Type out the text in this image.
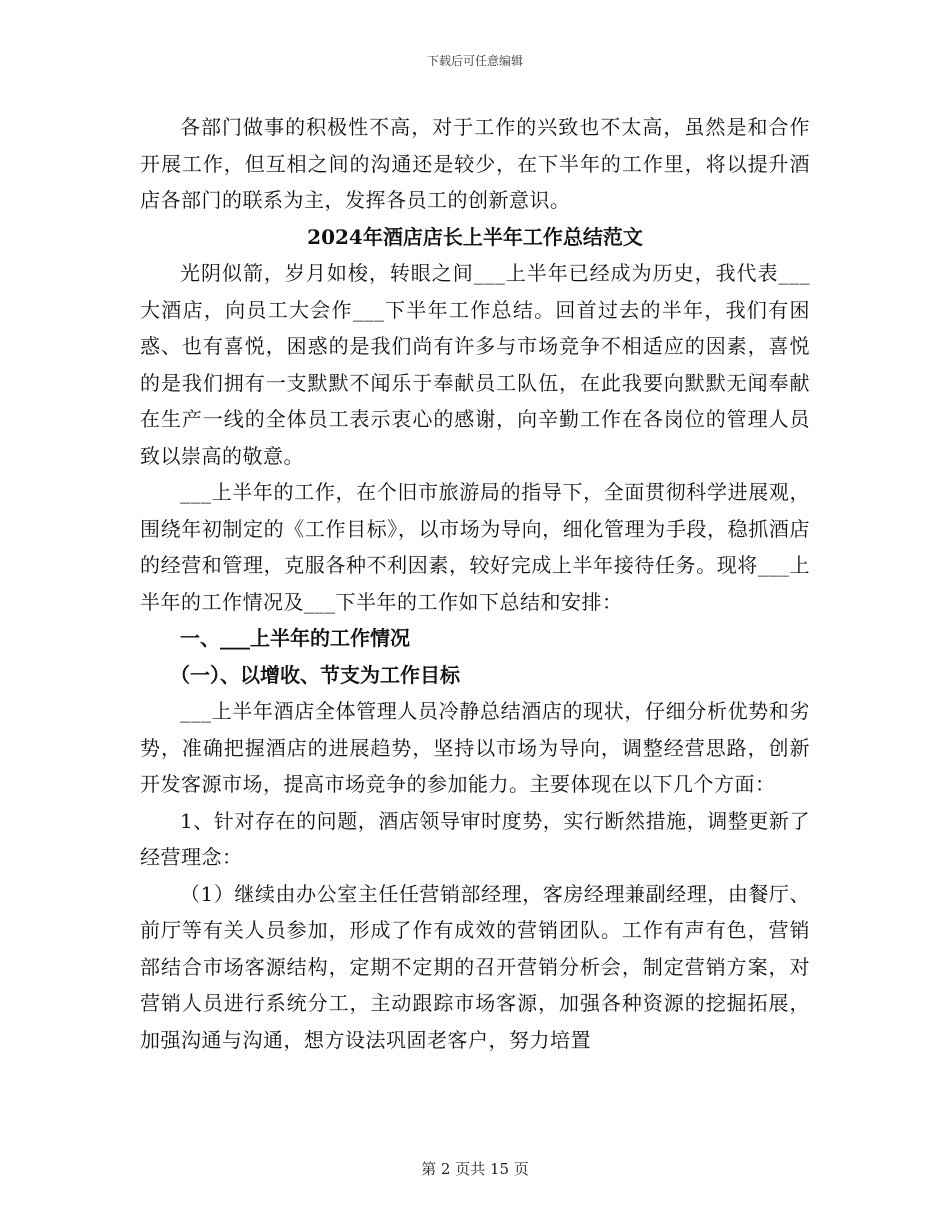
下载后可任意编辑

各部门做事的积极性不高，对于工作的兴致也不太高，虽然是和合作开展工作，但互相之间的沟通还是较少，在下半年的工作里，将以提升酒店各部门的联系为主，发挥各员工的创新意识。

2024年酒店店长上半年工作总结范文

光阴似箭，岁月如梭，转眼之间___上半年已经成为历史，我代表___大酒店，向员工大会作___下半年工作总结。回首过去的半年，我们有困惑、也有喜悦，困惑的是我们尚有许多与市场竞争不相适应的因素，喜悦的是我们拥有一支默默不闻乐于奉献员工队伍，在此我要向默默无闻奉献在生产一线的全体员工表示衷心的感谢，向辛勤工作在各岗位的管理人员致以崇高的敬意。

___上半年的工作，在个旧市旅游局的指导下，全面贯彻科学进展观，围绕年初制定的《工作目标》，以市场为导向，细化管理为手段，稳抓酒店的经营和管理，克服各种不利因素，较好完成上半年接待任务。现将___上半年的工作情况及___下半年的工作如下总结和安排：

一、___上半年的工作情况

（一）、以增收、节支为工作目标

___上半年酒店全体管理人员冷静总结酒店的现状，仔细分析优势和劣势，准确把握酒店的进展趋势，坚持以市场为导向，调整经营思路，创新开发客源市场，提高市场竞争的参加能力。主要体现在以下几个方面：

1、针对存在的问题，酒店领导审时度势，实行断然措施，调整更新了经营理念：

（1）继续由办公室主任任营销部经理，客房经理兼副经理，由餐厅、前厅等有关人员参加，形成了作有成效的营销团队。工作有声有色，营销部结合市场客源结构，定期不定期的召开营销分析会，制定营销方案，对营销人员进行系统分工，主动跟踪市场客源，加强各种资源的挖掘拓展，加强沟通与沟通，想方设法巩固老客户，努力培置

第 2 页共 15 页
